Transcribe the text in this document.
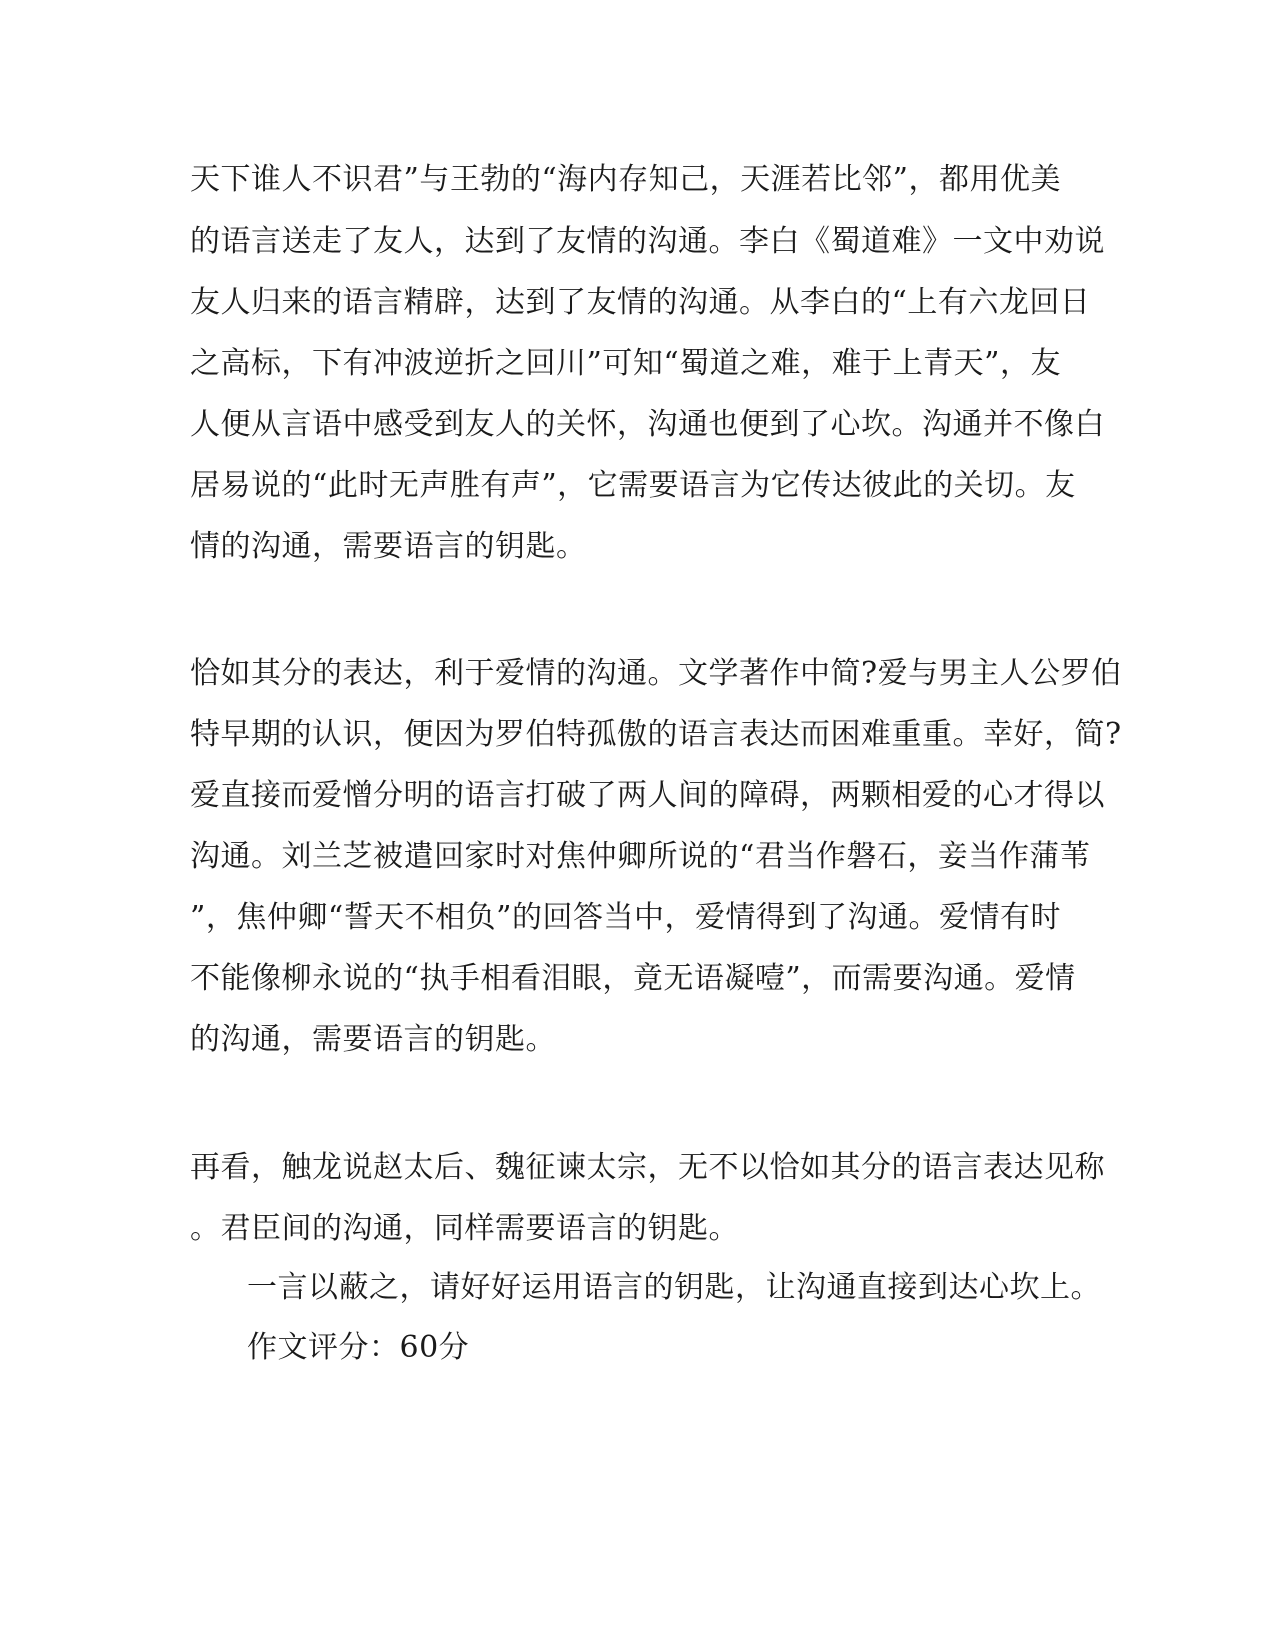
天下谁人不识君”与王勃的“海内存知己，天涯若比邻”，都用优美
的语言送走了友人，达到了友情的沟通。李白《蜀道难》一文中劝说
友人归来的语言精辟，达到了友情的沟通。从李白的“上有六龙回日
之高标，下有冲波逆折之回川”可知“蜀道之难，难于上青天”，友
人便从言语中感受到友人的关怀，沟通也便到了心坎。沟通并不像白
居易说的“此时无声胜有声”，它需要语言为它传达彼此的关切。友
情的沟通，需要语言的钥匙。
恰如其分的表达，利于爱情的沟通。文学著作中简?爱与男主人公罗伯
特早期的认识，便因为罗伯特孤傲的语言表达而困难重重。幸好，简?
爱直接而爱憎分明的语言打破了两人间的障碍，两颗相爱的心才得以
沟通。刘兰芝被遣回家时对焦仲卿所说的“君当作磐石，妾当作蒲苇
”，焦仲卿“誓天不相负”的回答当中，爱情得到了沟通。爱情有时
不能像柳永说的“执手相看泪眼，竟无语凝噎”，而需要沟通。爱情
的沟通，需要语言的钥匙。
再看，触龙说赵太后、魏征谏太宗，无不以恰如其分的语言表达见称
。君臣间的沟通，同样需要语言的钥匙。
一言以蔽之，请好好运用语言的钥匙，让沟通直接到达心坎上。
作文评分：60分
